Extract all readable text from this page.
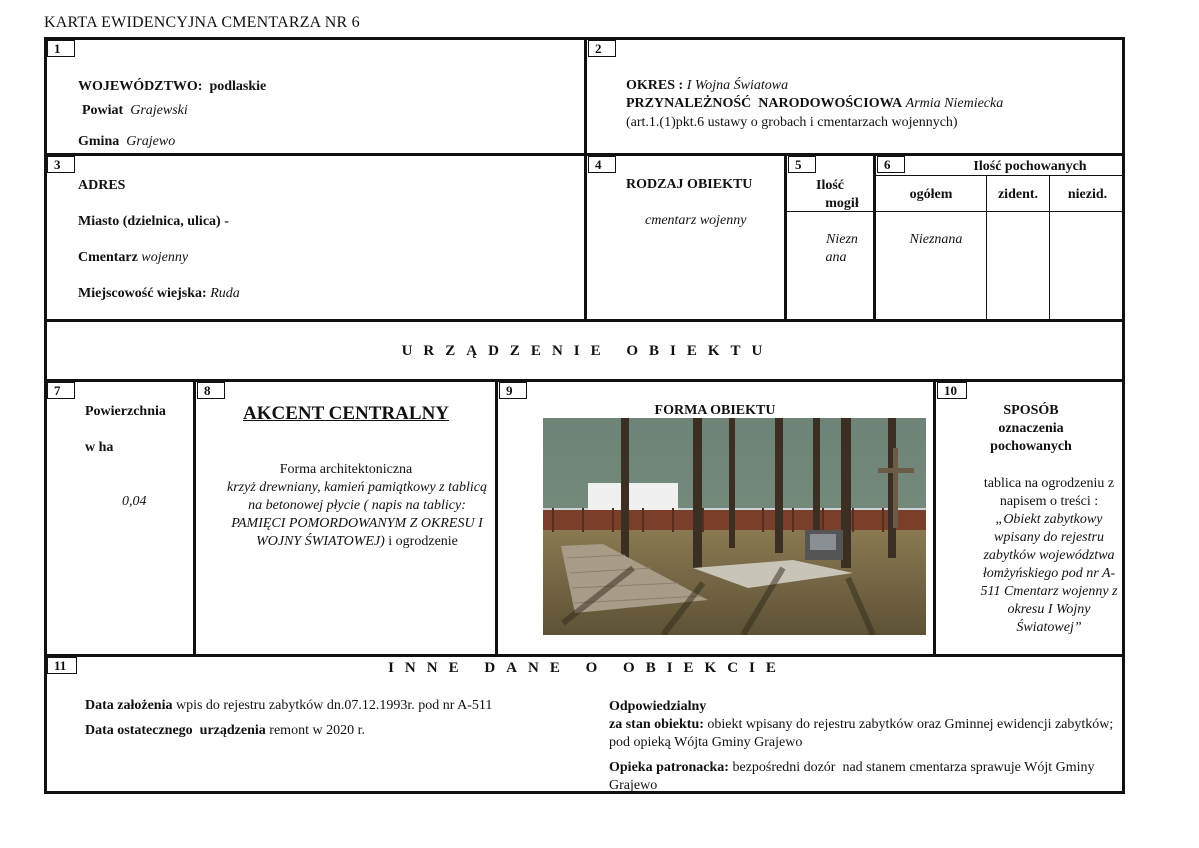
KARTA EWIDENCYJNA CMENTARZA NR 6
1	2
3	4	5	6
7	8	9	10
11
WOJEWÓDZTWO: podlaskie
Powiat Grajewski
Gmina Grajewo
OKRES : I Wojna Światowa
PRZYNALEŻNOŚĆ  NARODOWOŚCIOWA Armia Niemiecka
(art.1.(1)pkt.6 ustawy o grobach i cmentarzach wojennych)
ADRES
Miasto (dzielnica, ulica) -
Cmentarz wojenny
Miejscowość wiejska: Ruda
RODZAJ OBIEKTU
cmentarz wojenny
Ilość
mogił
Niezn
ana
Ilość pochowanych
ogółem	zident.	niezid.
Nieznana
URZĄDZENIE OBIEKTU
Powierzchnia
w ha
0,04
AKCENT CENTRALNY
Forma architektoniczna
krzyż drewniany, kamień pamiątkowy z tablicą na betonowej płycie ( napis na tablicy: PAMIĘCI POMORDOWANYM Z OKRESU I WOJNY ŚWIATOWEJ) i ogrodzenie
FORMA OBIEKTU	SPOSÓB
oznaczenia
pochowanych
tablica na ogrodzeniu z napisem o treści :
„Obiekt zabytkowy wpisany do rejestru zabytków województwa łomżyńskiego pod nr A-511 Cmentarz wojenny z okresu I Wojny Światowej”
INNE DANE O OBIEKCIE
Data założenia wpis do rejestru zabytków dn.07.12.1993r. pod nr A-511
Data ostatecznego  urządzenia remont w 2020 r.
Odpowiedzialny
za stan obiektu: obiekt wpisany do rejestru zabytków oraz Gminnej ewidencji zabytków; pod opieką Wójta Gminy Grajewo
Opieka patronacka: bezpośredni dozór  nad stanem cmentarza sprawuje Wójt Gminy Grajewo
